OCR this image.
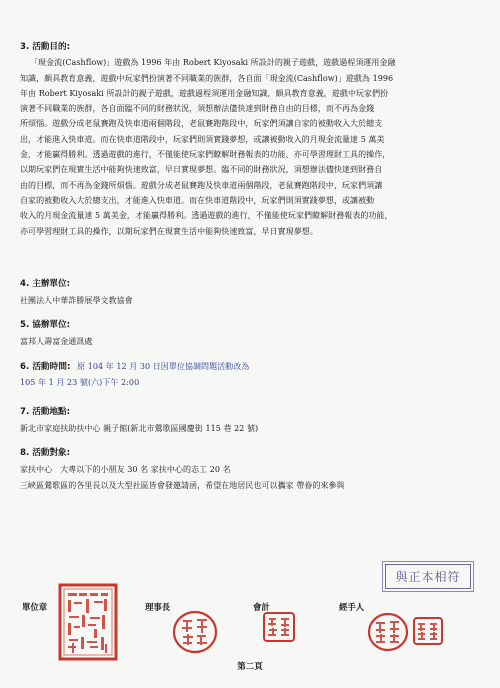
3. 活動目的:
「現金流(Cashflow)」遊戲為 1996 年由 Robert Kiyosaki 所設計的親子遊戲，遊戲過程須運用金融
知識，頗具教育意義，遊戲中玩家們扮演著不同職業的族群，各自面「現金流(Cashflow)」遊戲為 1996
年由 Robert Kiyosaki 所設計的親子遊戲，遊戲過程須運用金融知識，頗具教育意義，遊戲中玩家們扮
演著不同職業的族群，各自面臨不同的財務狀況，須想辦法儘快達到財務自由的目標，而不再為金錢
所煩惱。遊戲分成老鼠賽跑及快車道兩個階段，老鼠賽跑階段中，玩家們須讓自家的被動收入大於總支
出，才能進入快車道。而在快車道階段中，玩家們則須實踐夢想，或讓被動收入的月現金流量達 5 萬美
金，才能贏得勝利。透過遊戲的進行，不僅能使玩家們瞭解財務報表的功能，亦可學習理財工具的操作，
以期玩家們在現實生活中能夠快速致富，早日實現夢想。臨不同的財務狀況，須想辦法儘快達到財務自
由的目標，而不再為金錢所煩惱。遊戲分成老鼠賽跑及快車道兩個階段，老鼠賽跑階段中，玩家們須讓
自家的被動收入大於總支出，才能進入快車道。而在快車道階段中，玩家們則須實踐夢想，或讓被動
收入的月現金流量達 5 萬美金，才能贏得勝利。透過遊戲的進行，不僅能使玩家們瞭解財務報表的功能，
亦可學習理財工具的操作，以期玩家們在現實生活中能夠快速致富，早日實現夢想。
4. 主辦單位:
社團法人中華詐勝展學文教協會
5. 協辦單位:
富邦人壽富金通訊處
6. 活動時間: 原 104 年 12 月 30 日因單位協調問題活動改為
105 年 1 月 23 號(六)下午 2:00
7. 活動地點:
新北市家庭扶助扶中心 親子館(新北市鶯歌區國慶街 115 巷 22 號)
8. 活動對象:
家扶中心　大專以下的小朋友 30 名 家扶中心的志工 20 名
三峽區鶯歌區的各里長以及大型社區皆會發邀請函，希望在地居民也可以攜家 帶眷的來參與
與正本相符
單位章	理事長	會計	經手人
第二頁
